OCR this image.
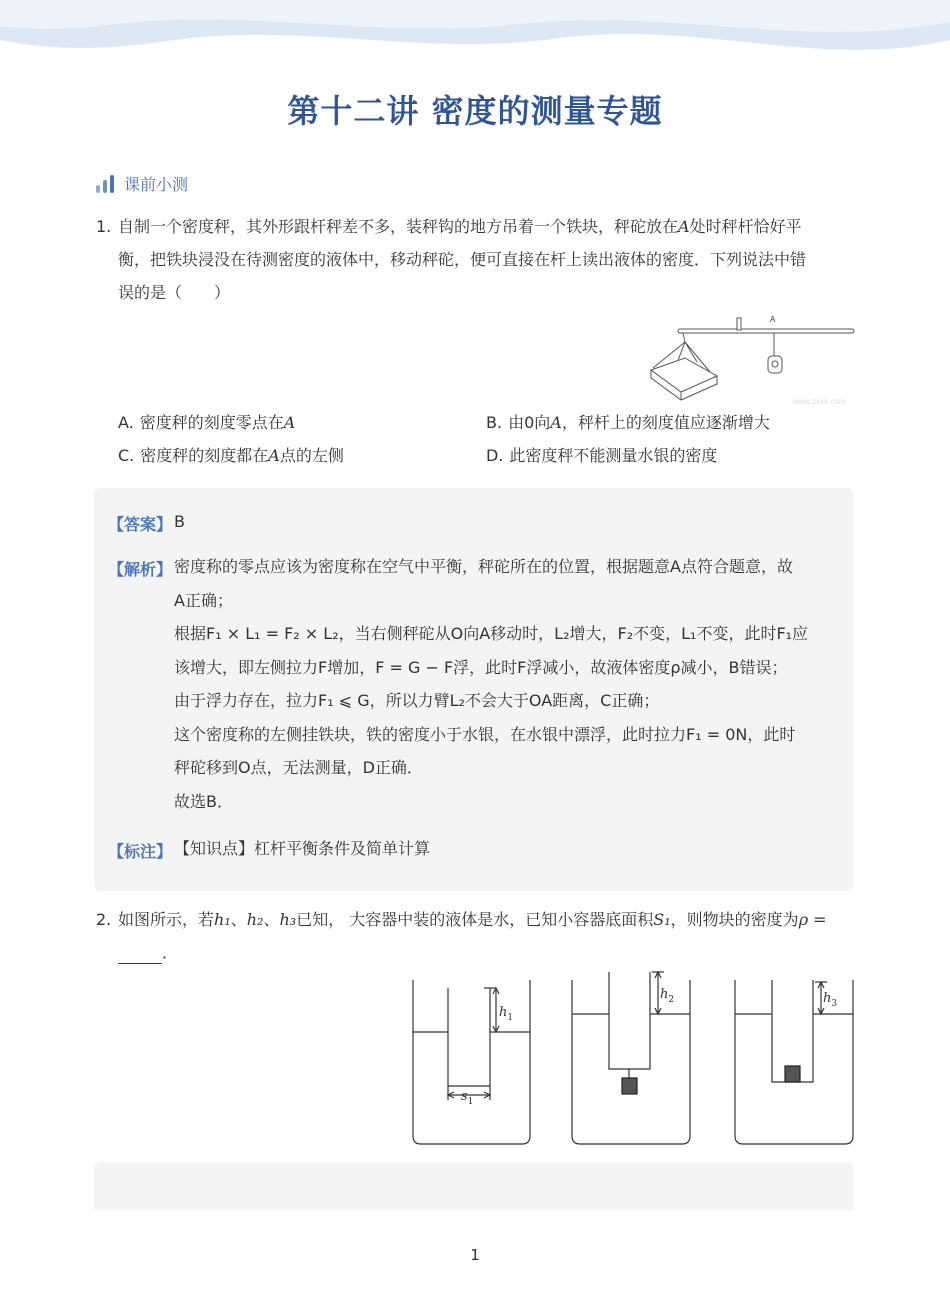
第十二讲 密度的测量专题
课前小测
1. 自制一个密度秤，其外形跟杆秤差不多，装秤钩的地方吊着一个铁块，秤砣放在A处时秤杆恰好平
衡，把铁块浸没在待测密度的液体中，移动秤砣，便可直接在杆上读出液体的密度．下列说法中错
误的是（　　）
A
www.zxxk.com
A. 密度秤的刻度零点在A	B. 由0向A，秤杆上的刻度值应逐渐增大
C. 密度秤的刻度都在A点的左侧	D. 此密度秤不能测量水银的密度
【答案】 B
【解析】 密度称的零点应该为密度称在空气中平衡，秤砣所在的位置，根据题意A点符合题意，故
A正确；
根据F₁ × L₁ = F₂ × L₂，当右侧秤砣从O向A移动时，L₂增大，F₂不变，L₁不变，此时F₁应
该增大，即左侧拉力F增加，F = G − F浮，此时F浮减小，故液体密度ρ减小，B错误；
由于浮力存在，拉力F₁ ⩽ G，所以力臂L₂不会大于OA距离，C正确；
这个密度称的左侧挂铁块，铁的密度小于水银，在水银中漂浮，此时拉力F₁ = 0N，此时
秤砣移到O点，无法测量，D正确．
故选B．
【标注】 【知识点】杠杆平衡条件及简单计算
2. 如图所示，若h₁、h₂、h₃已知， 大容器中装的液体是水，已知小容器底面积S₁，则物块的密度为ρ =
．
$h_1$
$h_2$	$h_3$
$s_1$
1
